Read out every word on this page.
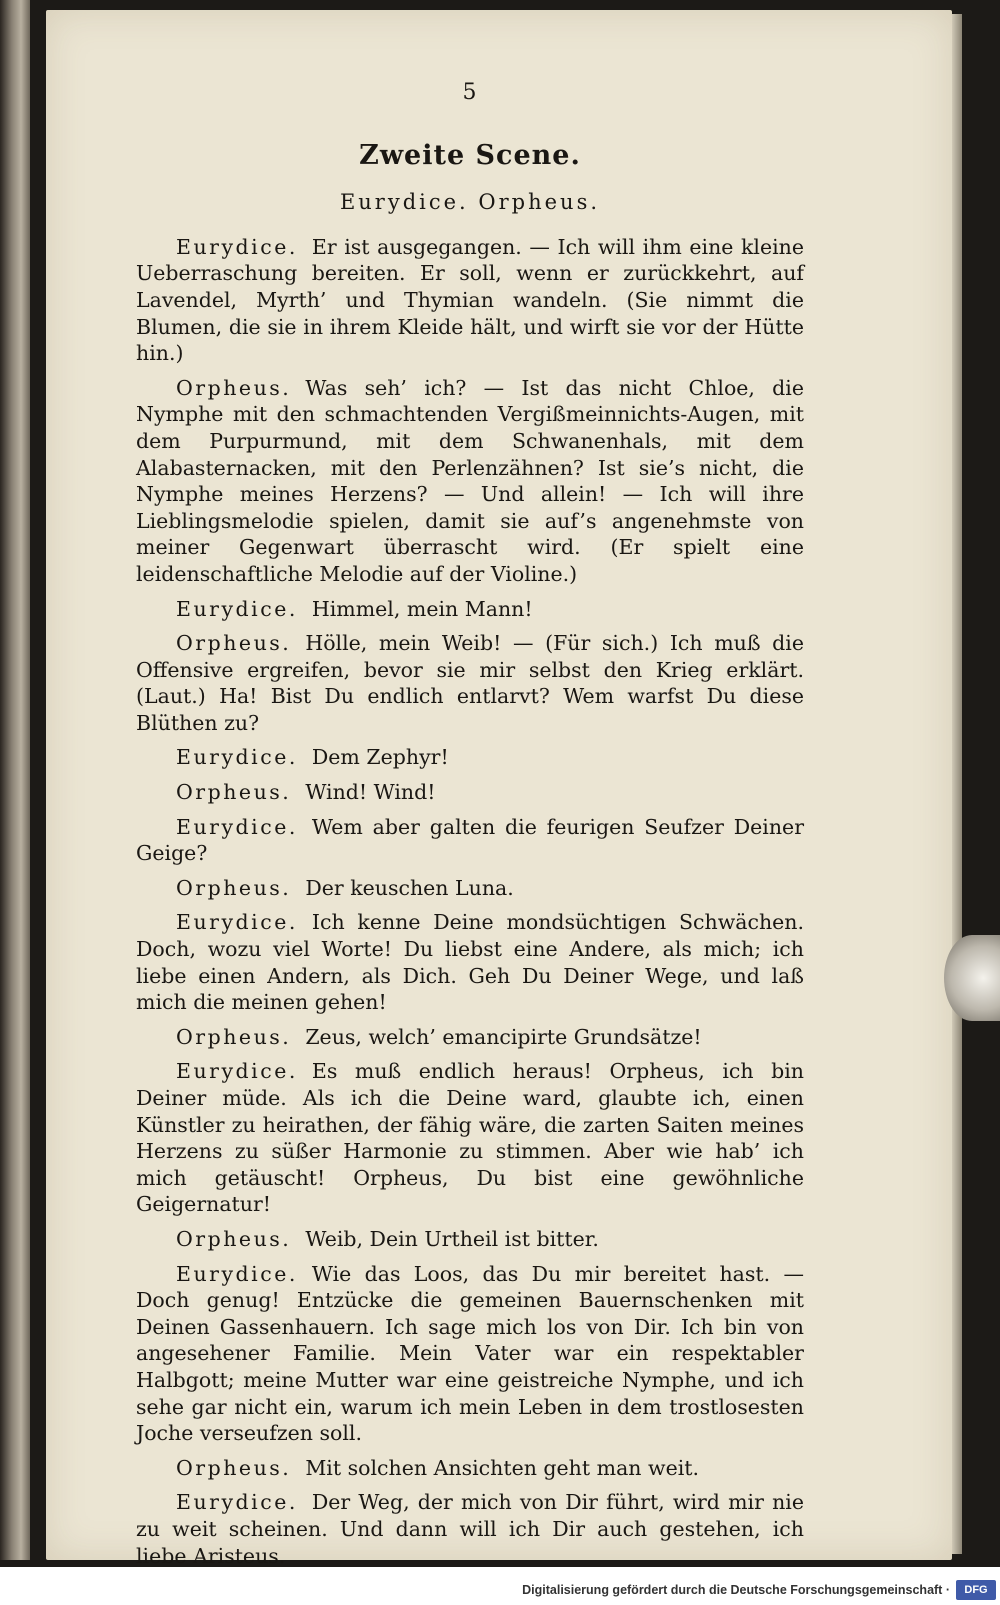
5
Zweite Scene.
Eurydice. Orpheus.

Eurydice. Er ist ausgegangen. — Ich will ihm eine kleine Ueberraschung bereiten. Er soll, wenn er zurückkehrt, auf Lavendel, Myrth’ und Thymian wandeln. (Sie nimmt die Blumen, die sie in ihrem Kleide hält, und wirft sie vor der Hütte hin.)

Orpheus. Was seh’ ich? — Ist das nicht Chloe, die Nymphe mit den schmachtenden Vergißmeinnichts-Augen, mit dem Purpurmund, mit dem Schwanenhals, mit dem Alabasternacken, mit den Perlenzähnen? Ist sie’s nicht, die Nymphe meines Herzens? — Und allein! — Ich will ihre Lieblingsmelodie spielen, damit sie auf’s angenehmste von meiner Gegenwart überrascht wird. (Er spielt eine leidenschaftliche Melodie auf der Violine.)

Eurydice. Himmel, mein Mann!

Orpheus. Hölle, mein Weib! — (Für sich.) Ich muß die Offensive ergreifen, bevor sie mir selbst den Krieg erklärt. (Laut.) Ha! Bist Du endlich entlarvt? Wem warfst Du diese Blüthen zu?

Eurydice. Dem Zephyr!

Orpheus. Wind! Wind!

Eurydice. Wem aber galten die feurigen Seufzer Deiner Geige?

Orpheus. Der keuschen Luna.

Eurydice. Ich kenne Deine mondsüchtigen Schwächen. Doch, wozu viel Worte! Du liebst eine Andere, als mich; ich liebe einen Andern, als Dich. Geh Du Deiner Wege, und laß mich die meinen gehen!

Orpheus. Zeus, welch’ emancipirte Grundsätze!

Eurydice. Es muß endlich heraus! Orpheus, ich bin Deiner müde. Als ich die Deine ward, glaubte ich, einen Künstler zu heirathen, der fähig wäre, die zarten Saiten meines Herzens zu süßer Harmonie zu stimmen. Aber wie hab’ ich mich getäuscht! Orpheus, Du bist eine gewöhnliche Geigernatur!

Orpheus. Weib, Dein Urtheil ist bitter.

Eurydice. Wie das Loos, das Du mir bereitet hast. — Doch genug! Entzücke die gemeinen Bauernschenken mit Deinen Gassenhauern. Ich sage mich los von Dir. Ich bin von angesehener Familie. Mein Vater war ein respektabler Halbgott; meine Mutter war eine geistreiche Nymphe, und ich sehe gar nicht ein, warum ich mein Leben in dem trostlosesten Joche verseufzen soll.

Orpheus. Mit solchen Ansichten geht man weit.

Eurydice. Der Weg, der mich von Dir führt, wird mir nie zu weit scheinen. Und dann will ich Dir auch gestehen, ich liebe Aristeus.

Digitalisierung gefördert durch die Deutsche Forschungsgemeinschaft ·	DFG
